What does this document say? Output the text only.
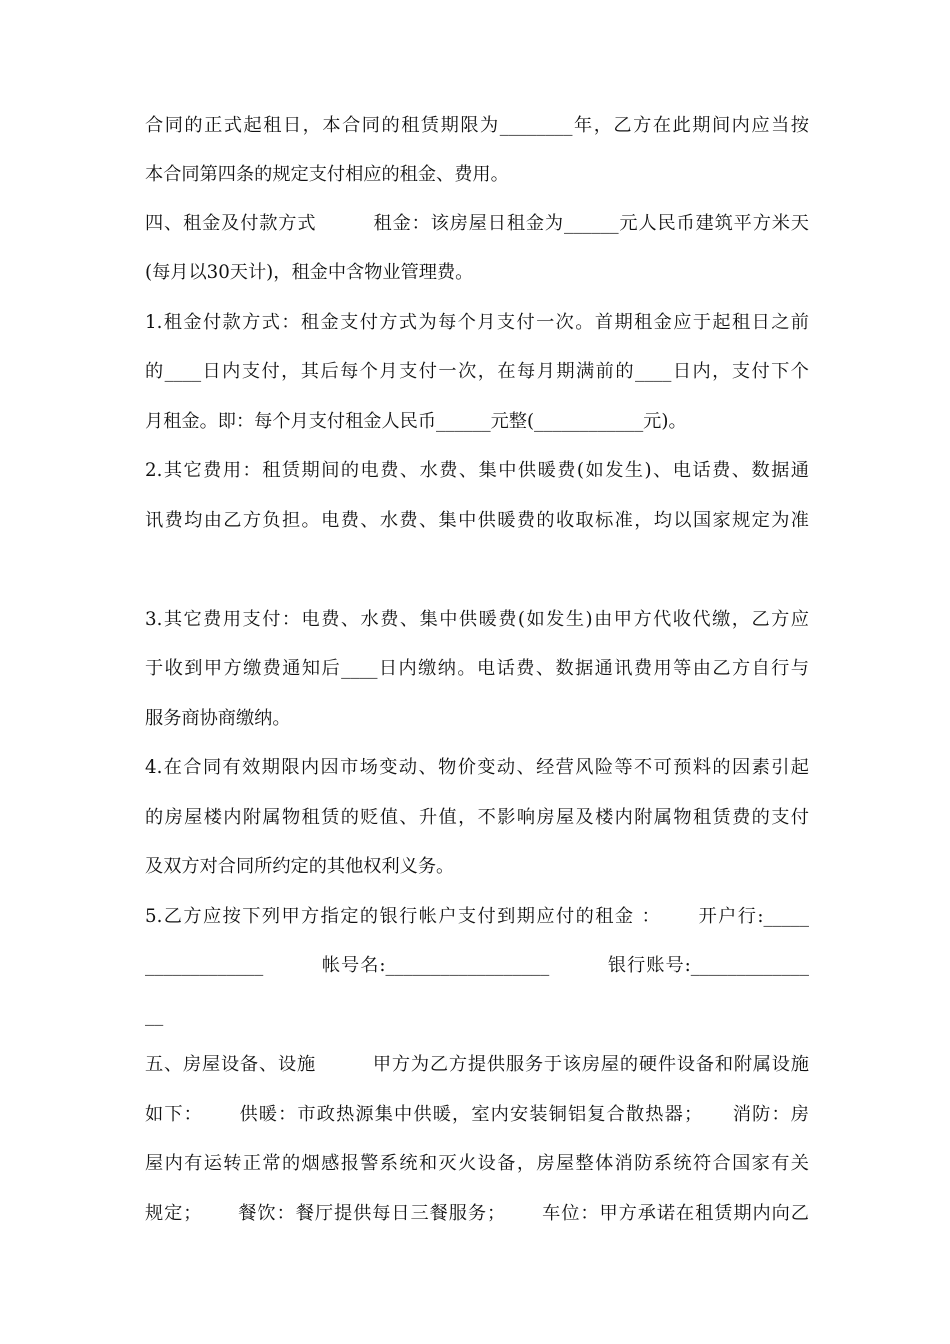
合同的正式起租日，本合同的租赁期限为________年，乙方在此期间内应当按
本合同第四条的规定支付相应的租金、费用。
四、租金及付款方式　　　租金：该房屋日租金为______元人民币建筑平方米天
(每月以30天计)，租金中含物业管理费。
1.租金付款方式：租金支付方式为每个月支付一次。首期租金应于起租日之前
的____日内支付，其后每个月支付一次，在每月期满前的____日内，支付下个
月租金。即：每个月支付租金人民币______元整(____________元)。
2.其它费用：租赁期间的电费、水费、集中供暖费(如发生)、电话费、数据通
讯费均由乙方负担。电费、水费、集中供暖费的收取标准，均以国家规定为准
3.其它费用支付：电费、水费、集中供暖费(如发生)由甲方代收代缴，乙方应
于收到甲方缴费通知后____日内缴纳。电话费、数据通讯费用等由乙方自行与
服务商协商缴纳。
4.在合同有效期限内因市场变动、物价变动、经营风险等不可预料的因素引起
的房屋楼内附属物租赁的贬值、升值，不影响房屋及楼内附属物租赁费的支付
及双方对合同所约定的其他权利义务。
5.乙方应按下列甲方指定的银行帐户支付到期应付的租金 ：　　 开户行:_____
_____________　　　帐号名:__________________　　　银行账号:_____________
__
五、房屋设备、设施　　　甲方为乙方提供服务于该房屋的硬件设备和附属设施
如下：　　 供暖：市政热源集中供暖，室内安装铜铝复合散热器；　　消防：房
屋内有运转正常的烟感报警系统和灭火设备，房屋整体消防系统符合国家有关
规定；　　 餐饮：餐厅提供每日三餐服务；　　 车位：甲方承诺在租赁期内向乙
